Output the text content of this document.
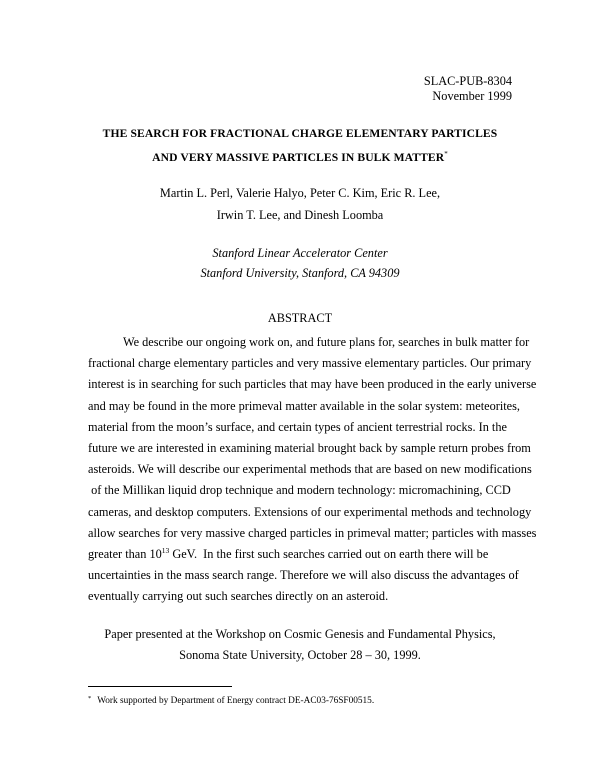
SLAC-PUB-8304
November 1999
THE SEARCH FOR FRACTIONAL CHARGE ELEMENTARY PARTICLES
AND VERY MASSIVE PARTICLES IN BULK MATTER*
Martin L. Perl, Valerie Halyo, Peter C. Kim, Eric R. Lee,
Irwin T. Lee, and Dinesh Loomba
Stanford Linear Accelerator Center
Stanford University, Stanford, CA 94309
ABSTRACT
We describe our ongoing work on, and future plans for, searches in bulk matter for
fractional charge elementary particles and very massive elementary particles. Our primary
interest is in searching for such particles that may have been produced in the early universe
and may be found in the more primeval matter available in the solar system: meteorites,
material from the moon’s surface, and certain types of ancient terrestrial rocks. In the
future we are interested in examining material brought back by sample return probes from
asteroids. We will describe our experimental methods that are based on new modifications
of the Millikan liquid drop technique and modern technology: micromachining, CCD
cameras, and desktop computers. Extensions of our experimental methods and technology
allow searches for very massive charged particles in primeval matter; particles with masses
greater than $10^{13}$ GeV.  In the first such searches carried out on earth there will be
uncertainties in the mass search range. Therefore we will also discuss the advantages of
eventually carrying out such searches directly on an asteroid.
Paper presented at the Workshop on Cosmic Genesis and Fundamental Physics,
Sonoma State University, October 28 – 30, 1999.
* Work supported by Department of Energy contract DE-AC03-76SF00515.
